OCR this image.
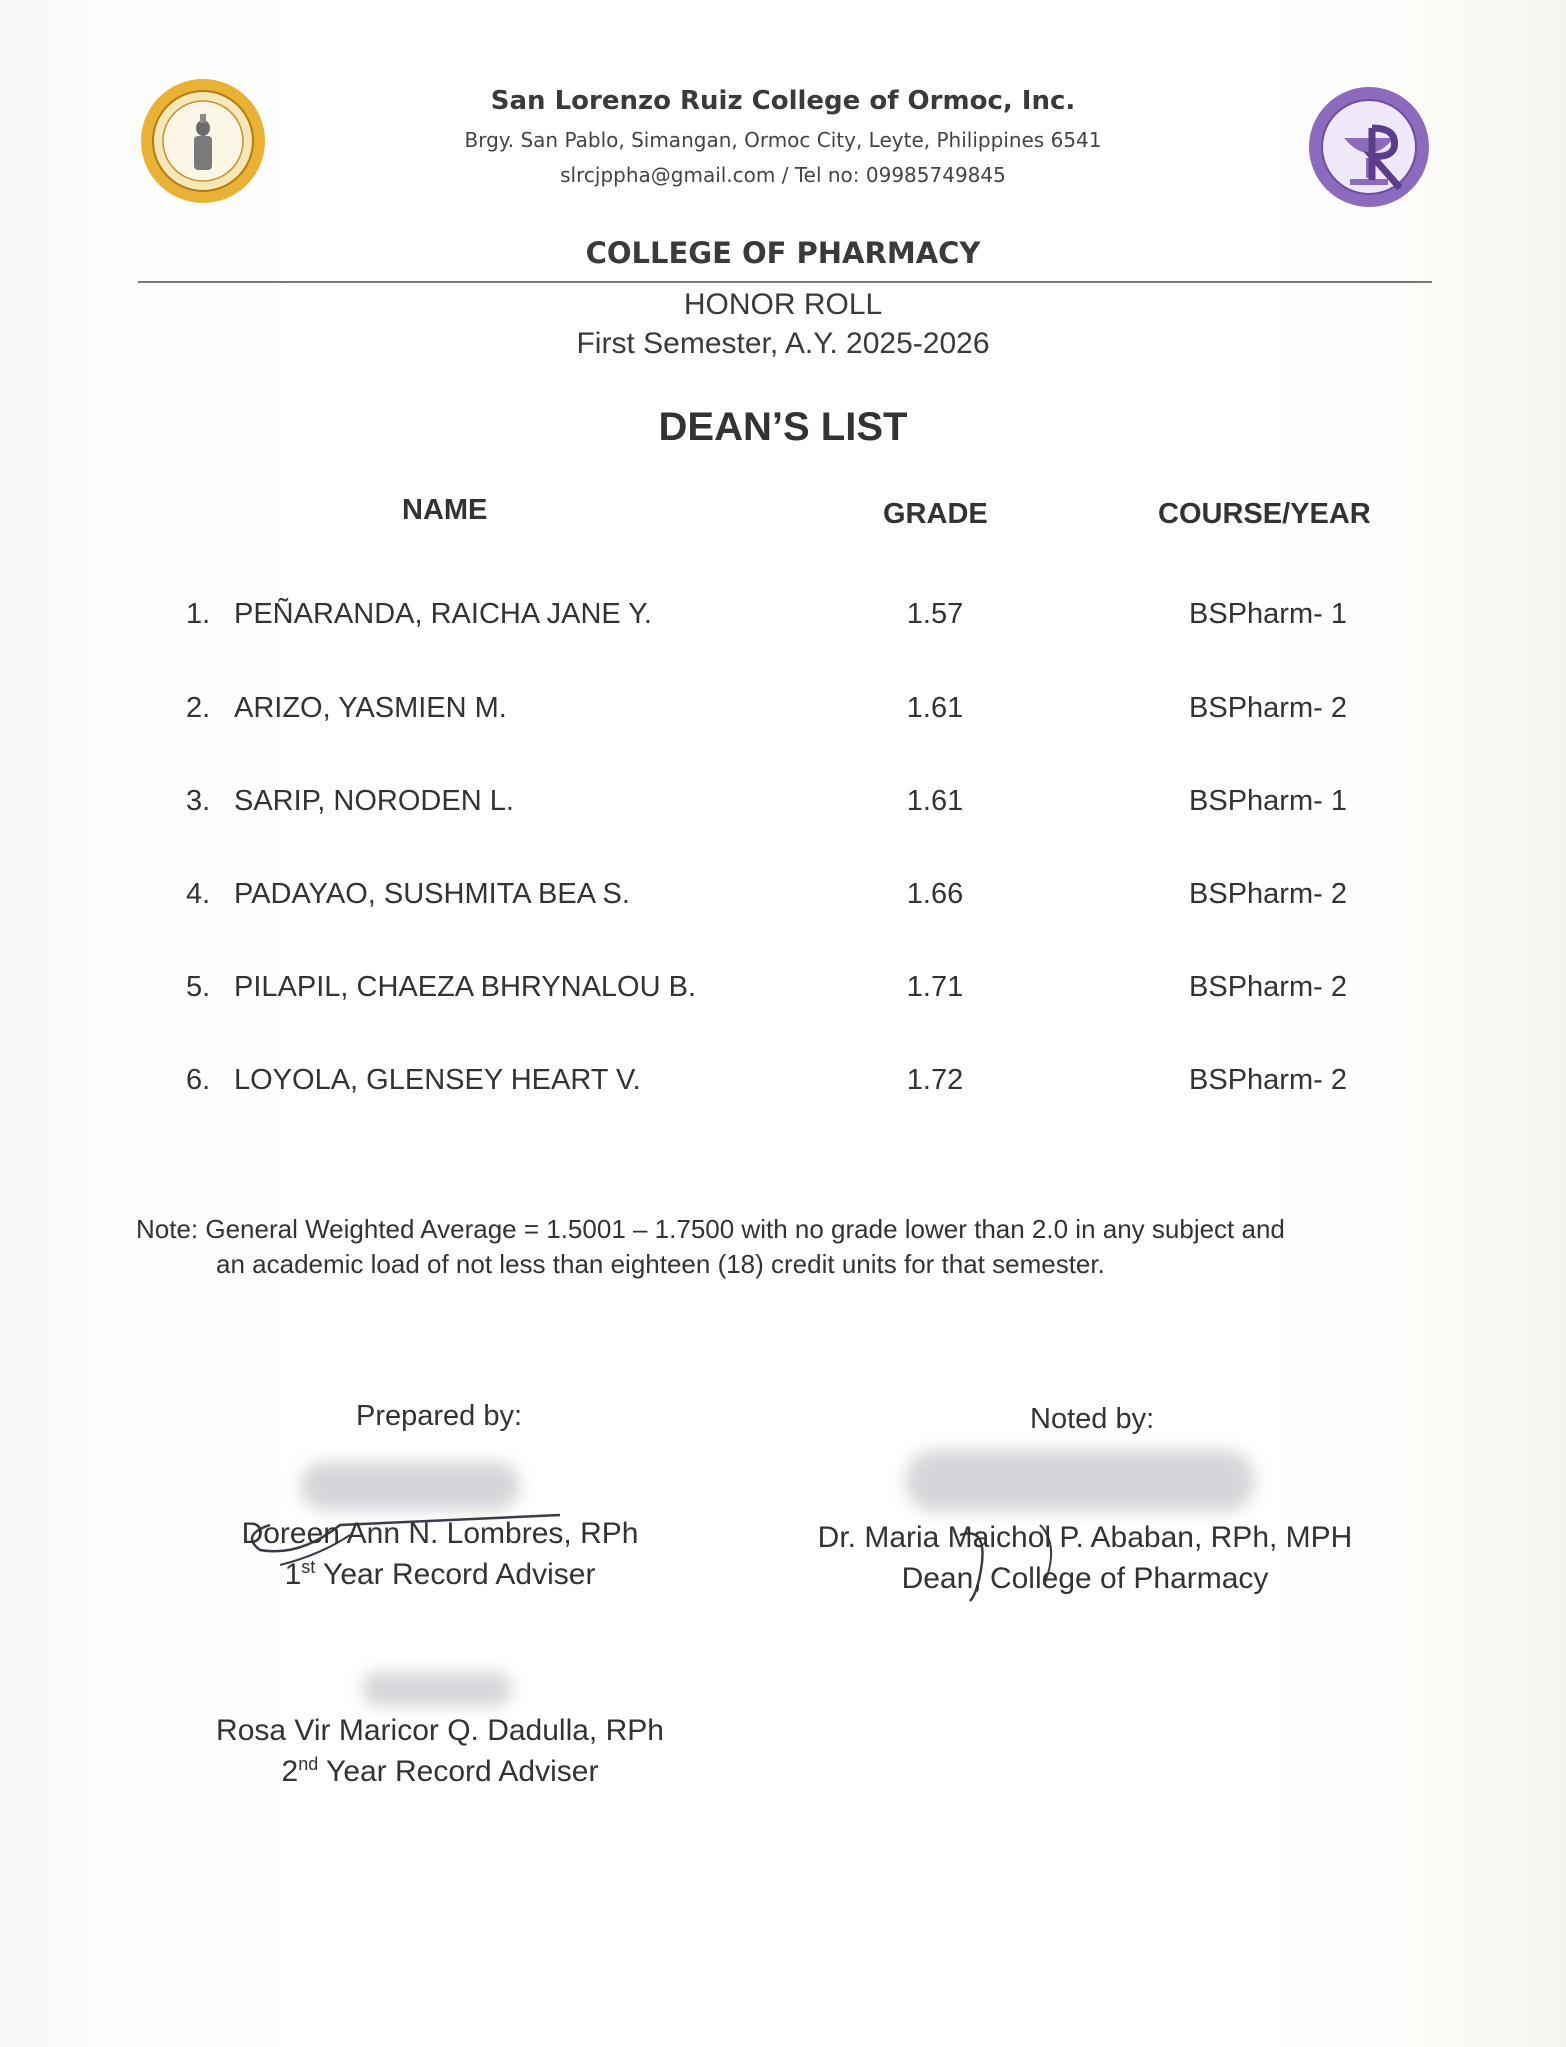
San Lorenzo Ruiz College of Ormoc, Inc.
Brgy. San Pablo, Simangan, Ormoc City, Leyte, Philippines 6541
slrcjppha@gmail.com / Tel no: 09985749845
COLLEGE OF PHARMACY
HONOR ROLL
First Semester, A.Y. 2025-2026
DEAN’S LIST
NAME	GRADE	COURSE/YEAR
1. PEÑARANDA, RAICHA JANE Y.	1.57	BSPharm- 1
2. ARIZO, YASMIEN M.	1.61	BSPharm- 2
3. SARIP, NORODEN L.	1.61	BSPharm- 1
4. PADAYAO, SUSHMITA BEA S.	1.66	BSPharm- 2
5. PILAPIL, CHAEZA BHRYNALOU B.	1.71	BSPharm- 2
6. LOYOLA, GLENSEY HEART V.	1.72	BSPharm- 2
Note: General Weighted Average = 1.5001 – 1.7500 with no grade lower than 2.0 in any subject and
an academic load of not less than eighteen (18) credit units for that semester.
Prepared by:	Noted by:
Doreen Ann N. Lombres, RPh
1st Year Record Adviser
Dr. Maria Maichol P. Ababan, RPh, MPH
Dean, College of Pharmacy
Rosa Vir Maricor Q. Dadulla, RPh
2nd Year Record Adviser
